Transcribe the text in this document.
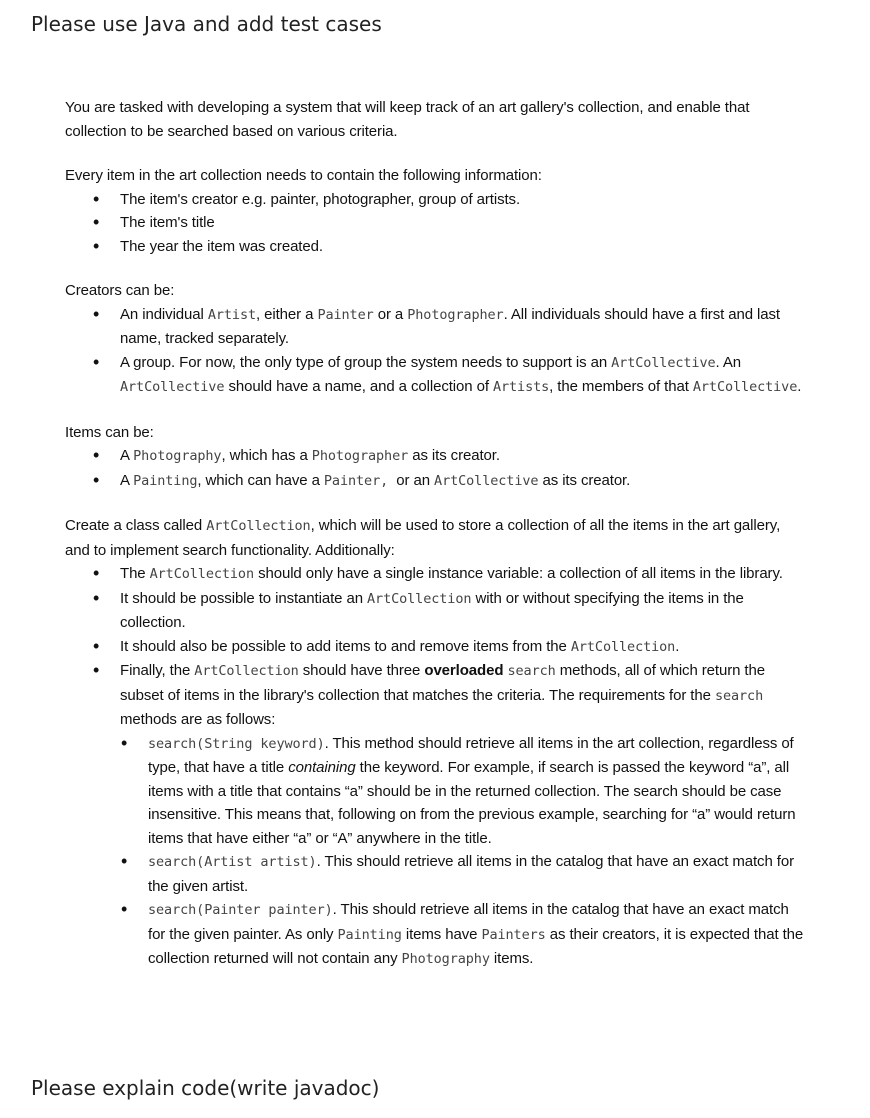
Please use Java and add test cases

You are tasked with developing a system that will keep track of an art gallery's collection, and enable that collection to be searched based on various criteria.

Every item in the art collection needs to contain the following information:

• The item's creator e.g. painter, photographer, group of artists.
• The item's title
• The year the item was created.

Creators can be:

• An individual Artist, either a Painter or a Photographer. All individuals should have a first and last name, tracked separately.
• A group. For now, the only type of group the system needs to support is an ArtCollective. An ArtCollective should have a name, and a collection of Artists, the members of that ArtCollective.

Items can be:

• A Photography, which has a Photographer as its creator.
• A Painting, which can have a Painter,  or an ArtCollective as its creator.

Create a class called ArtCollection, which will be used to store a collection of all the items in the art gallery, and to implement search functionality. Additionally:

• The ArtCollection should only have a single instance variable: a collection of all items in the library.
• It should be possible to instantiate an ArtCollection with or without specifying the items in the collection.
• It should also be possible to add items to and remove items from the ArtCollection.
• Finally, the ArtCollection should have three overloaded search methods, all of which return the subset of items in the library's collection that matches the criteria. The requirements for the search methods are as follows:
• search(String keyword). This method should retrieve all items in the art collection, regardless of type, that have a title containing the keyword. For example, if search is passed the keyword “a”, all items with a title that contains “a” should be in the returned collection. The search should be case insensitive. This means that, following on from the previous example, searching for “a” would return items that have either “a” or “A” anywhere in the title.
• search(Artist artist). This should retrieve all items in the catalog that have an exact match for the given artist.
• search(Painter painter). This should retrieve all items in the catalog that have an exact match for the given painter. As only Painting items have Painters as their creators, it is expected that the collection returned will not contain any Photography items.
Please explain code(write javadoc)
